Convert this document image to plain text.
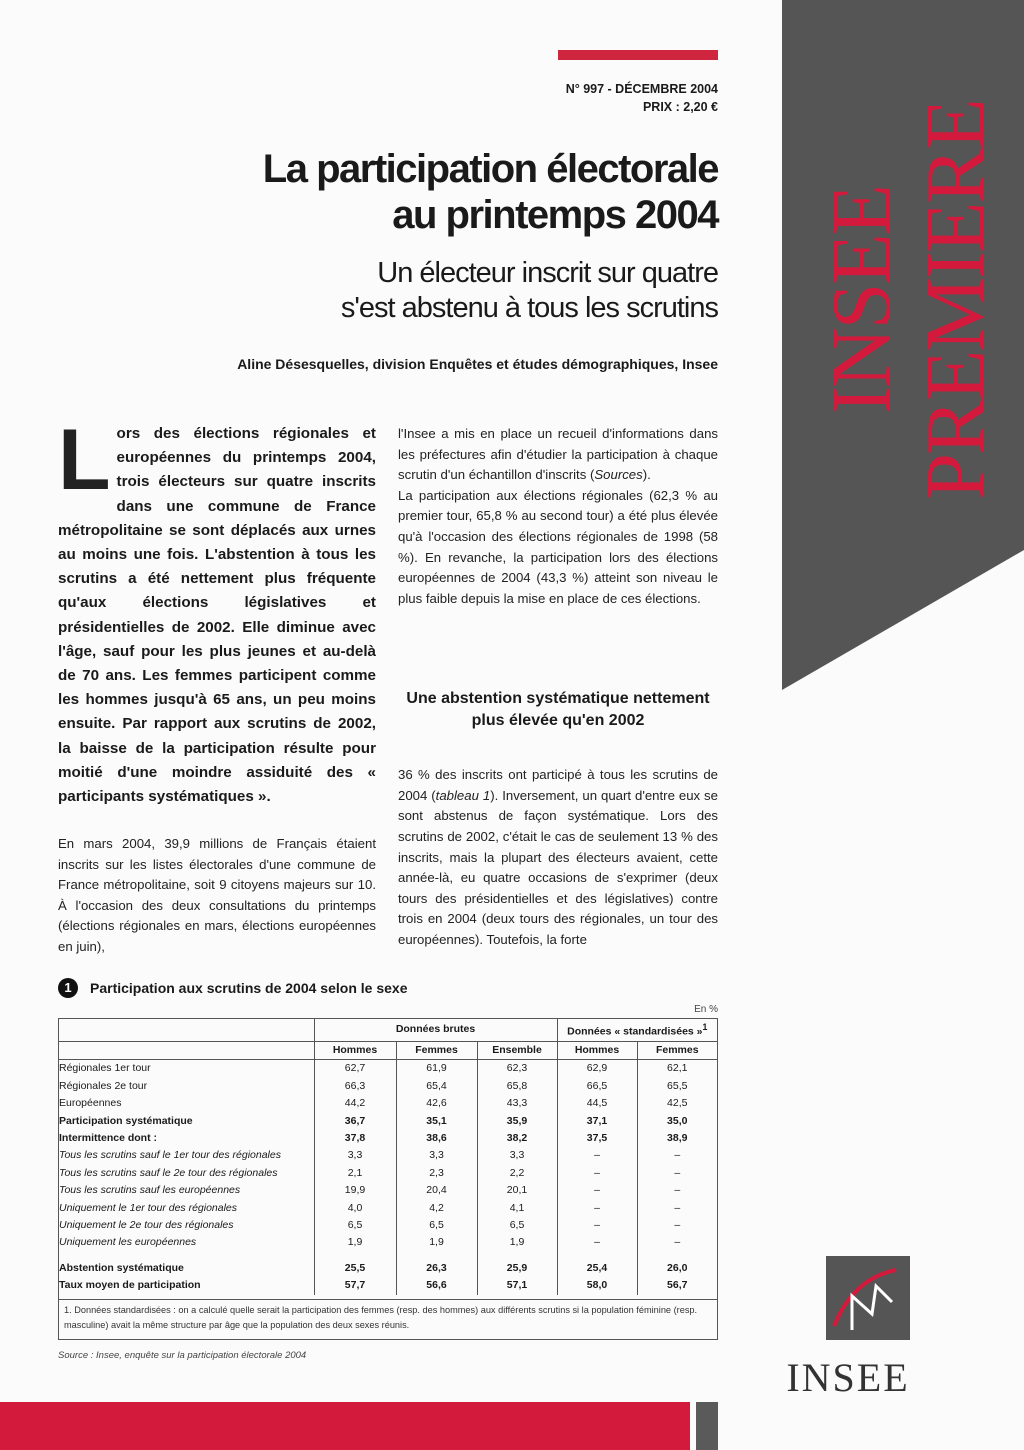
INSEE PREMIERE
N° 997 - DÉCEMBRE 2004
PRIX : 2,20 €
La participation électorale
au printemps 2004
Un électeur inscrit sur quatre
s'est abstenu à tous les scrutins
Aline Désesquelles, division Enquêtes et études démographiques, Insee
Lors des élections régionales et européennes du printemps 2004, trois électeurs sur quatre inscrits dans une commune de France métropolitaine se sont déplacés aux urnes au moins une fois. L'abstention à tous les scrutins a été nettement plus fréquente qu'aux élections législatives et présidentielles de 2002. Elle diminue avec l'âge, sauf pour les plus jeunes et au-delà de 70 ans. Les femmes participent comme les hommes jusqu'à 65 ans, un peu moins ensuite. Par rapport aux scrutins de 2002, la baisse de la participation résulte pour moitié d'une moindre assiduité des « participants systématiques ».

En mars 2004, 39,9 millions de Français étaient inscrits sur les listes électorales d'une commune de France métropolitaine, soit 9 citoyens majeurs sur 10. À l'occasion des deux consultations du printemps (élections régionales en mars, élections européennes en juin),

l'Insee a mis en place un recueil d'informations dans les préfectures afin d'étudier la participation à chaque scrutin d'un échantillon d'inscrits (Sources).

La participation aux élections régionales (62,3 % au premier tour, 65,8 % au second tour) a été plus élevée qu'à l'occasion des élections régionales de 1998 (58 %). En revanche, la participation lors des élections européennes de 2004 (43,3 %) atteint son niveau le plus faible depuis la mise en place de ces élections.

Une abstention systématique nettement plus élevée qu'en 2002

36 % des inscrits ont participé à tous les scrutins de 2004 (tableau 1). Inversement, un quart d'entre eux se sont abstenus de façon systématique. Lors des scrutins de 2002, c'était le cas de seulement 13 % des inscrits, mais la plupart des électeurs avaient, cette année-là, eu quatre occasions de s'exprimer (deux tours des présidentielles et des législatives) contre trois en 2004 (deux tours des régionales, un tour des européennes). Toutefois, la forte

1	Participation aux scrutins de 2004 selon le sexe
En %
	Données brutes			Données « standardisées »$^1$
	Hommes	Femmes	Ensemble	Hommes	Femmes
Régionales 1er tour	62,7	61,9	62,3	62,9	62,1
Régionales 2e tour	66,3	65,4	65,8	66,5	65,5
Européennes	44,2	42,6	43,3	44,5	42,5
Participation systématique	36,7	35,1	35,9	37,1	35,0
Intermittence dont :	37,8	38,6	38,2	37,5	38,9
Tous les scrutins sauf le 1er tour des régionales	3,3	3,3	3,3	–	–
Tous les scrutins sauf le 2e tour des régionales	2,1	2,3	2,2	–	–
Tous les scrutins sauf les européennes	19,9	20,4	20,1	–	–
Uniquement le 1er tour des régionales	4,0	4,2	4,1	–	–
Uniquement le 2e tour des régionales	6,5	6,5	6,5	–	–
Uniquement les européennes	1,9	1,9	1,9	–	–

Abstention systématique	25,5	26,3	25,9	25,4	26,0
Taux moyen de participation	57,7	56,6	57,1	58,0	56,7
1. Données standardisées : on a calculé quelle serait la participation des femmes (resp. des hommes) aux différents scrutins si la population féminine (resp. masculine) avait la même structure par âge que la population des deux sexes réunis.
Source : Insee, enquête sur la participation électorale 2004	INSEE
